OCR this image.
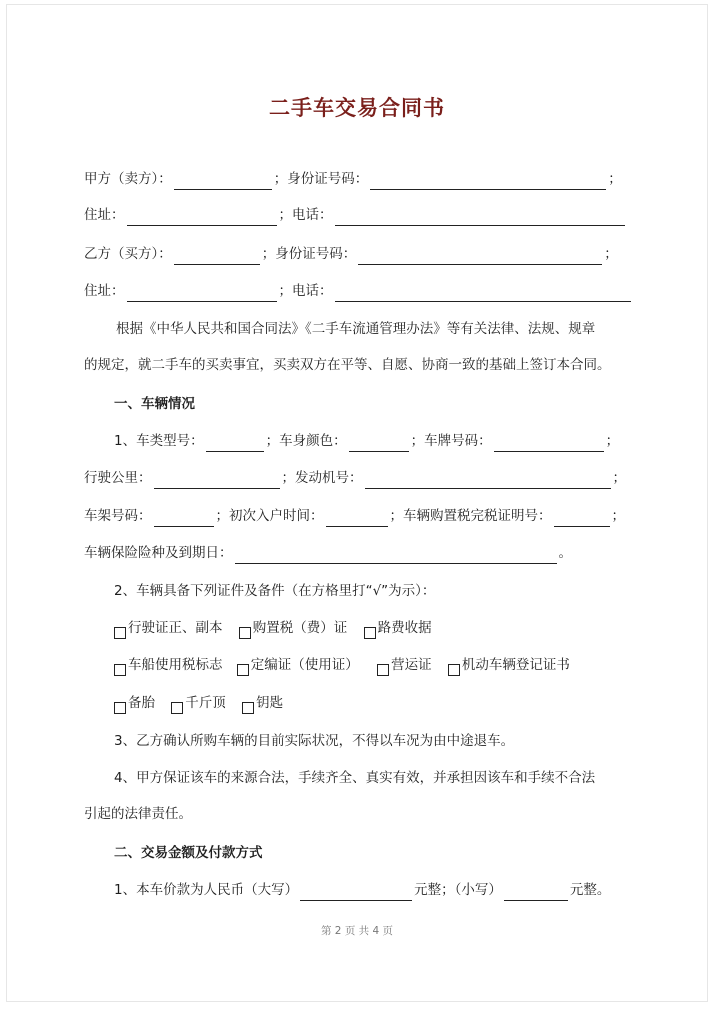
二手车交易合同书
甲方（卖方）：	；身份证号码：	；
住址：	；电话：
乙方（买方）：	；身份证号码：	；
住址：	；电话：
根据《中华人民共和国合同法》《二手车流通管理办法》等有关法律、法规、规章
的规定，就二手车的买卖事宜，买卖双方在平等、自愿、协商一致的基础上签订本合同。
一、车辆情况
1、车类型号：	；车身颜色：	；车牌号码：	；
行驶公里：	；发动机号：	；
车架号码：	；初次入户时间：	；车辆购置税完税证明号：	；
车辆保险险种及到期日：	。
2、车辆具备下列证件及备件（在方格里打“√”为示）：
行驶证正、副本 购置税（费）证 路费收据
车船使用税标志 定编证（使用证） 营运证 机动车辆登记证书
备胎 千斤顶 钥匙
3、乙方确认所购车辆的目前实际状况，不得以车况为由中途退车。
4、甲方保证该车的来源合法，手续齐全、真实有效，并承担因该车和手续不合法
引起的法律责任。
二、交易金额及付款方式
1、本车价款为人民币（大写）	元整；（小写）	元整。
第 2 页 共 4 页
